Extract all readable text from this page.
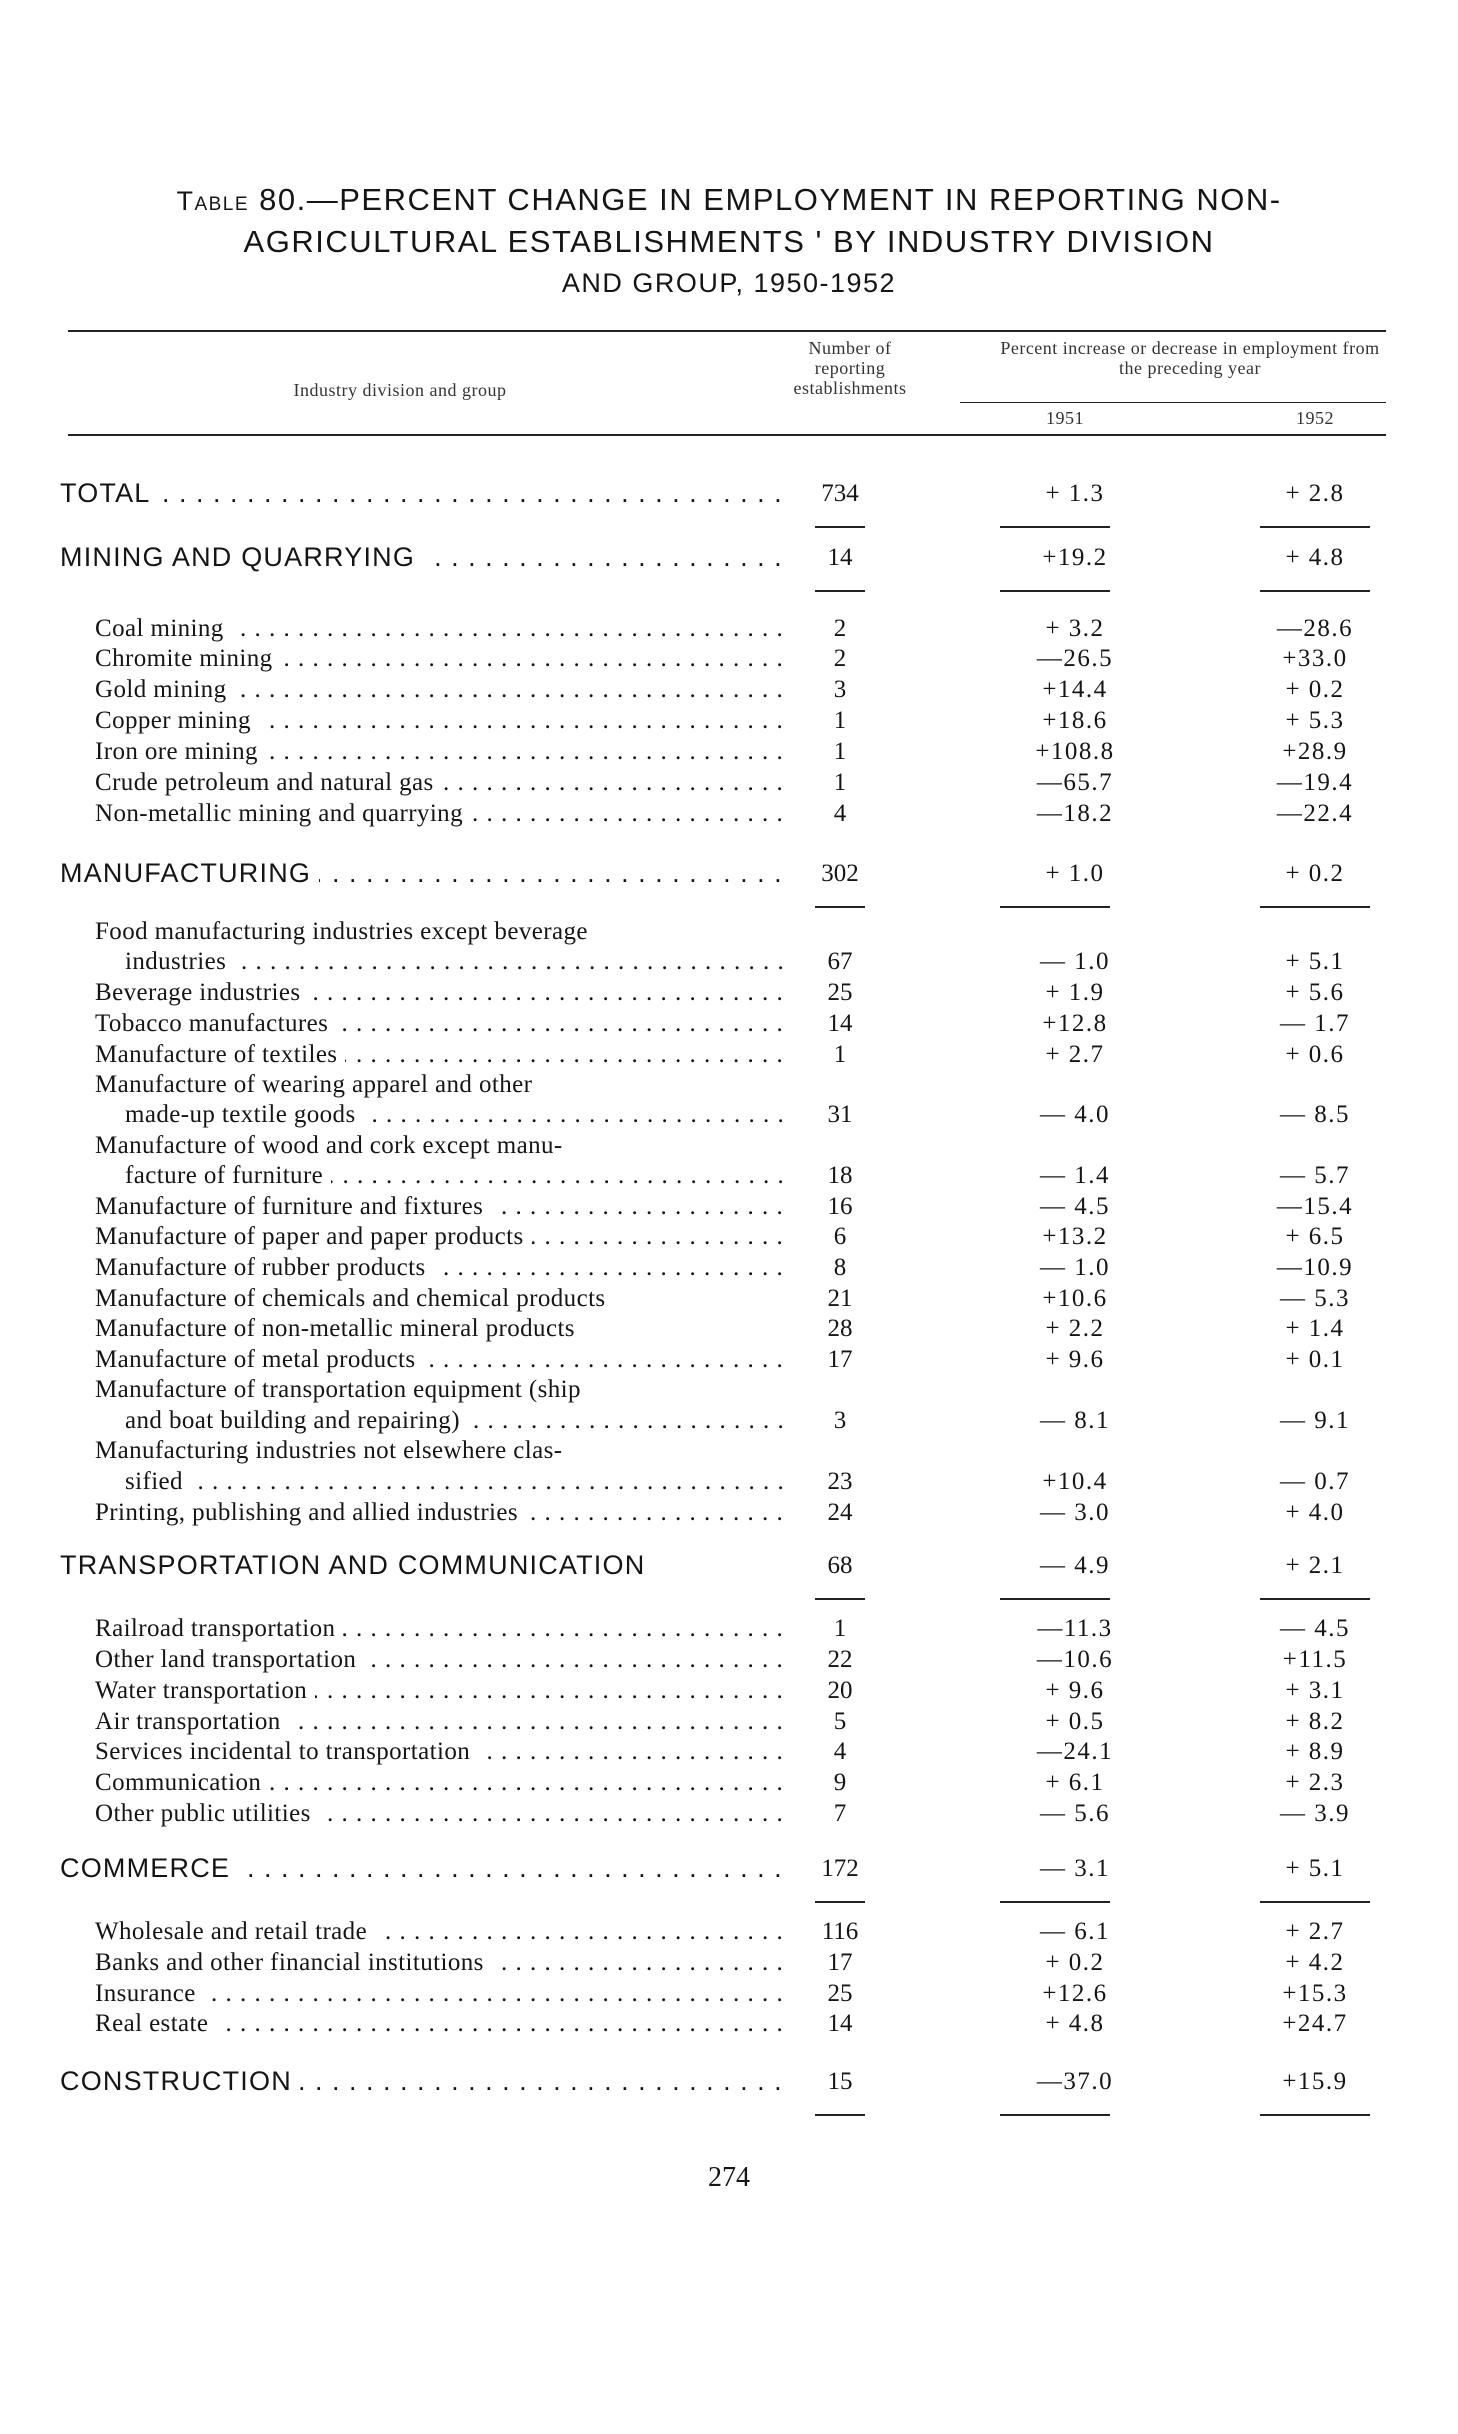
Table 80.—PERCENT CHANGE IN EMPLOYMENT IN REPORTING NON-
AGRICULTURAL ESTABLISHMENTS ' BY INDUSTRY DIVISION
AND GROUP, 1950-1952
Industry division and group
Number of reporting establishments
Percent increase or decrease in employment from the preceding year
1951	1952
TOTAL . . .	734	+ 1.3	+ 2.8
MINING AND QUARRYING . . .	14	+19.2	+ 4.8
Coal mining . . .	2	+ 3.2	—28.6
Chromite mining . . .	2	—26.5	+33.0
Gold mining . . .	3	+14.4	+ 0.2
Copper mining . . .	1	+18.6	+ 5.3
Iron ore mining . . .	1	+108.8	+28.9
Crude petroleum and natural gas . . .	1	—65.7	—19.4
Non-metallic mining and quarrying . . .	4	—18.2	—22.4
MANUFACTURING . . .	302	+ 1.0	+ 0.2
Food manufacturing industries except beverage
industries . . .	67	— 1.0	+ 5.1
Beverage industries . . .	25	+ 1.9	+ 5.6
Tobacco manufactures . . .	14	+12.8	— 1.7
Manufacture of textiles . . .	1	+ 2.7	+ 0.6
Manufacture of wearing apparel and other
made-up textile goods . . .	31	— 4.0	— 8.5
Manufacture of wood and cork except manu-
facture of furniture . . .	18	— 1.4	— 5.7
Manufacture of furniture and fixtures . . .	16	— 4.5	—15.4
Manufacture of paper and paper products . . .	6	+13.2	+ 6.5
Manufacture of rubber products . . .	8	— 1.0	—10.9
Manufacture of chemicals and chemical products	21	+10.6	— 5.3
Manufacture of non-metallic mineral products	28	+ 2.2	+ 1.4
Manufacture of metal products . . .	17	+ 9.6	+ 0.1
Manufacture of transportation equipment (ship
and boat building and repairing) . . .	3	— 8.1	— 9.1
Manufacturing industries not elsewhere clas-
sified . . .	23	+10.4	— 0.7
Printing, publishing and allied industries . . .	24	— 3.0	+ 4.0
TRANSPORTATION AND COMMUNICATION	68	— 4.9	+ 2.1
Railroad transportation . . .	1	—11.3	— 4.5
Other land transportation . . .	22	—10.6	+11.5
Water transportation . . .	20	+ 9.6	+ 3.1
Air transportation . . .	5	+ 0.5	+ 8.2
Services incidental to transportation . . .	4	—24.1	+ 8.9
Communication . . .	9	+ 6.1	+ 2.3
Other public utilities . . .	7	— 5.6	— 3.9
COMMERCE . . .	172	— 3.1	+ 5.1
Wholesale and retail trade . . .	116	— 6.1	+ 2.7
Banks and other financial institutions . . .	17	+ 0.2	+ 4.2
Insurance . . .	25	+12.6	+15.3
Real estate . . .	14	+ 4.8	+24.7
CONSTRUCTION . . .	15	—37.0	+15.9
274
